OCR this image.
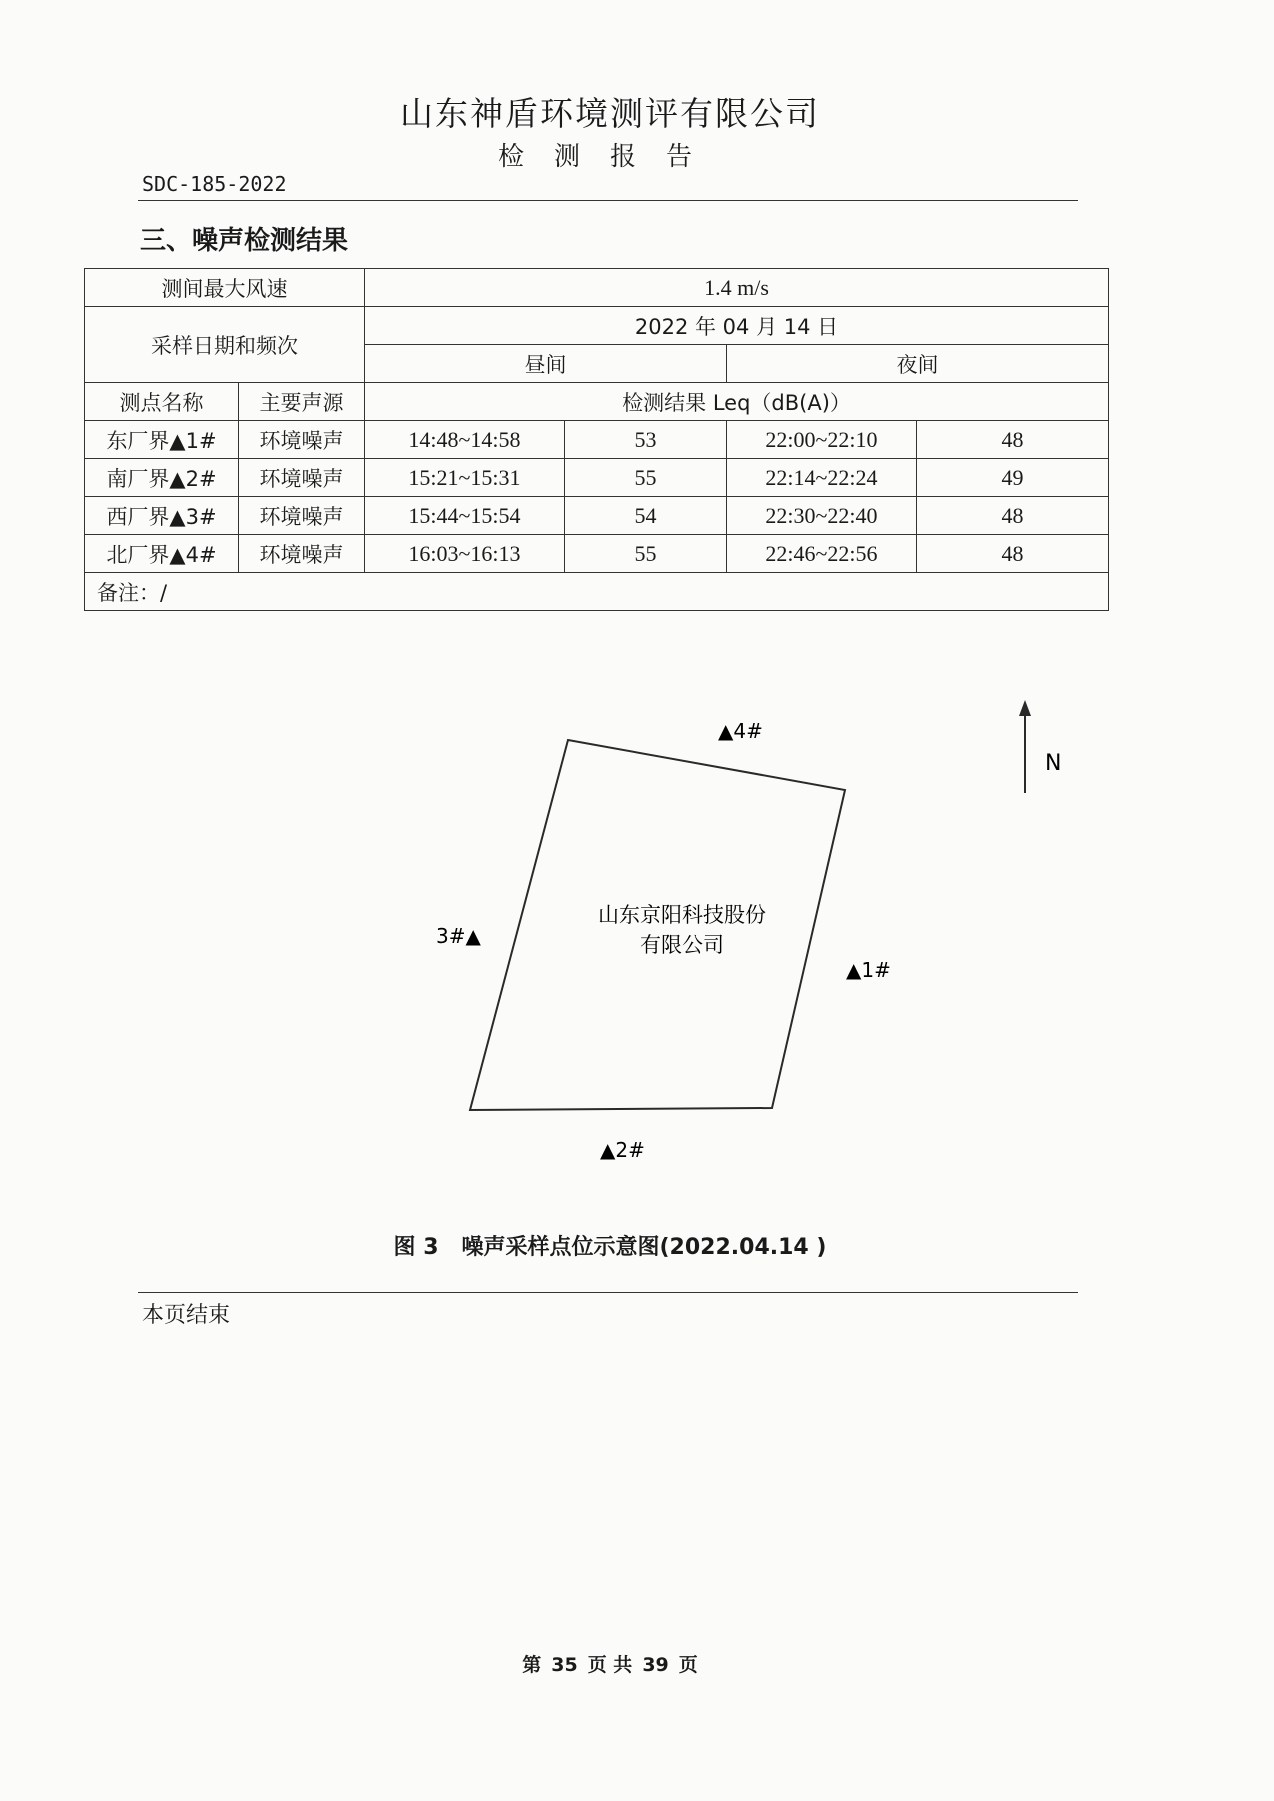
山东神盾环境测评有限公司
检测报告
SDC-185-2022
三、噪声检测结果
测间最大风速		1.4 m/s			
采样日期和频次		2022 年 04 月 14 日			
		昼间		夜间	
测点名称	主要声源	检测结果 Leq（dB(A)）			
东厂界▲1#	环境噪声	14:48~14:58	53	22:00~22:10	48
南厂界▲2#	环境噪声	15:21~15:31	55	22:14~22:24	49
西厂界▲3#	环境噪声	15:44~15:54	54	22:30~22:40	48
北厂界▲4#	环境噪声	16:03~16:13	55	22:46~22:56	48
备注：/					
山东京阳科技股份
有限公司
▲4#
▲1#
▲2#
3#▲
N
图 3 噪声采样点位示意图(2022.04.14 )
本页结束
第 35 页 共 39 页
